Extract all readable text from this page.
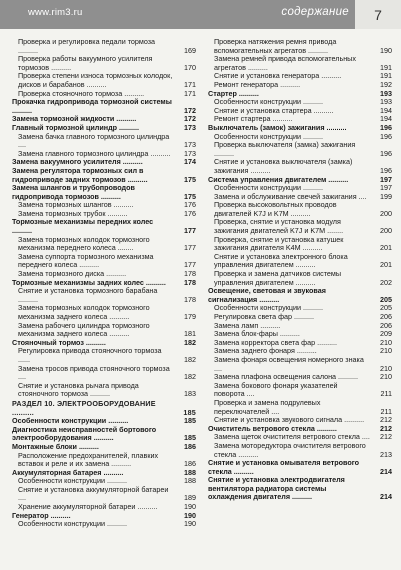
www.rim3.ru	содержание	7
Проверка и регулировка педали тормоза ..........	169
Проверка работы вакуумного усилителя тормозов ..........	170
Проверка степени износа тормозных колодок, дисков и барабанов ..........	171
Проверка стояночного тормоза ..........	171
Прокачка гидропривода тормозной системы ..........	172
Замена тормозной жидкости ..........	172
Главный тормозной цилиндр ..........	173
Замена бачка главного тормозного цилиндра ....	173
Замена главного тормозного цилиндра ..........	173
Замена вакуумного усилителя ..........	174
Замена регулятора тормозных сил в гидроприводе задних тормозов ..........	175
Замена шлангов и трубопроводов гидропривода тормозов ..........	175
Замена тормозных шлангов ..........	176
Замена тормозных трубок ..........	176
Тормозные механизмы передних колес ..........	177
Замена тормозных колодок тормозного механизма переднего колеса ........	177
Замена суппорта тормозного механизма переднего колеса ..........	177
Замена тормозного диска ..........	178
Тормозные механизмы задних колес ..........	178
Снятие и установка тормозного барабана ..........	178
Замена тормозных колодок тормозного механизма заднего колеса ..........	179
Замена рабочего цилиндра тормозного механизма заднего колеса ..........	181
Стояночный тормоз ..........	182
Регулировка привода стояночного тормоза ......	182
Замена тросов привода стояночного тормоза ....	182
Снятие и установка рычага привода стояночного тормоза ..........	183
РАЗДЕЛ 10. ЭЛЕКТРООБОРУДОВАНИЕ ..........	185
Особенности конструкции ..........	185
Диагностика неисправностей бортового электрооборудования ..........	185
Монтажные блоки ..........	186
Расположение предохранителей, плавких вставок и реле и их замена ..........	186
Аккумуляторная батарея ..........	188
Особенности конструкции ..........	188
Снятие и установка аккумуляторной батареи ....	189
Хранение аккумуляторной батареи ..........	190
Генератор ..........	190
Особенности конструкции ..........	190
Проверка натяжения ремня привода вспомогательных агрегатов ..........	190
Замена ремней привода вспомогательных агрегатов ..........	191
Снятие и установка генератора ..........	191
Ремонт генератора ..........	192
Стартер ..........	193
Особенности конструкции ..........	193
Снятие и установка стартера ..........	194
Ремонт стартера ..........	194
Выключатель (замок) зажигания ..........	196
Особенности конструкции ..........	196
Проверка выключателя (замка) зажигания ..........	196
Снятие и установка выключателя (замка) зажигания ..........	196
Система управления двигателем ..........	197
Особенности конструкции ..........	197
Замена и обслуживание свечей зажигания ....	199
Проверка высоковольтных проводов двигателей K7J и K7M ..........	200
Проверка, снятие и установка модуля зажигания двигателей K7J и K7M ........	200
Проверка, снятие и установка катушек зажигания двигателя K4M ..........	201
Снятие и установка электронного блока управления двигателем ..........	201
Проверка и замена датчиков системы управления двигателем ..........	202
Освещение, световая и звуковая сигнализация ..........	205
Особенности конструкции ..........	205
Регулировка света фар ..........	206
Замена ламп ..........	206
Замена блок-фары ..........	209
Замена корректора света фар ..........	210
Замена заднего фонаря ..........	210
Замена фонаря освещения номерного знака ....	210
Замена плафона освещения салона ..........	210
Замена бокового фонаря указателей поворота ....	211
Проверка и замена подрулевых переключателей ....	211
Снятие и установка звукового сигнала ..........	212
Очиститель ветрового стекла ..........	212
Замена щеток очистителя ветрового стекла ....	212
Замена моторедуктора очистителя ветрового стекла ..........	213
Снятие и установка омывателя ветрового стекла ..........	214
Снятие и установка электродвигателя вентилятора радиатора системы охлаждения двигателя ..........	214
